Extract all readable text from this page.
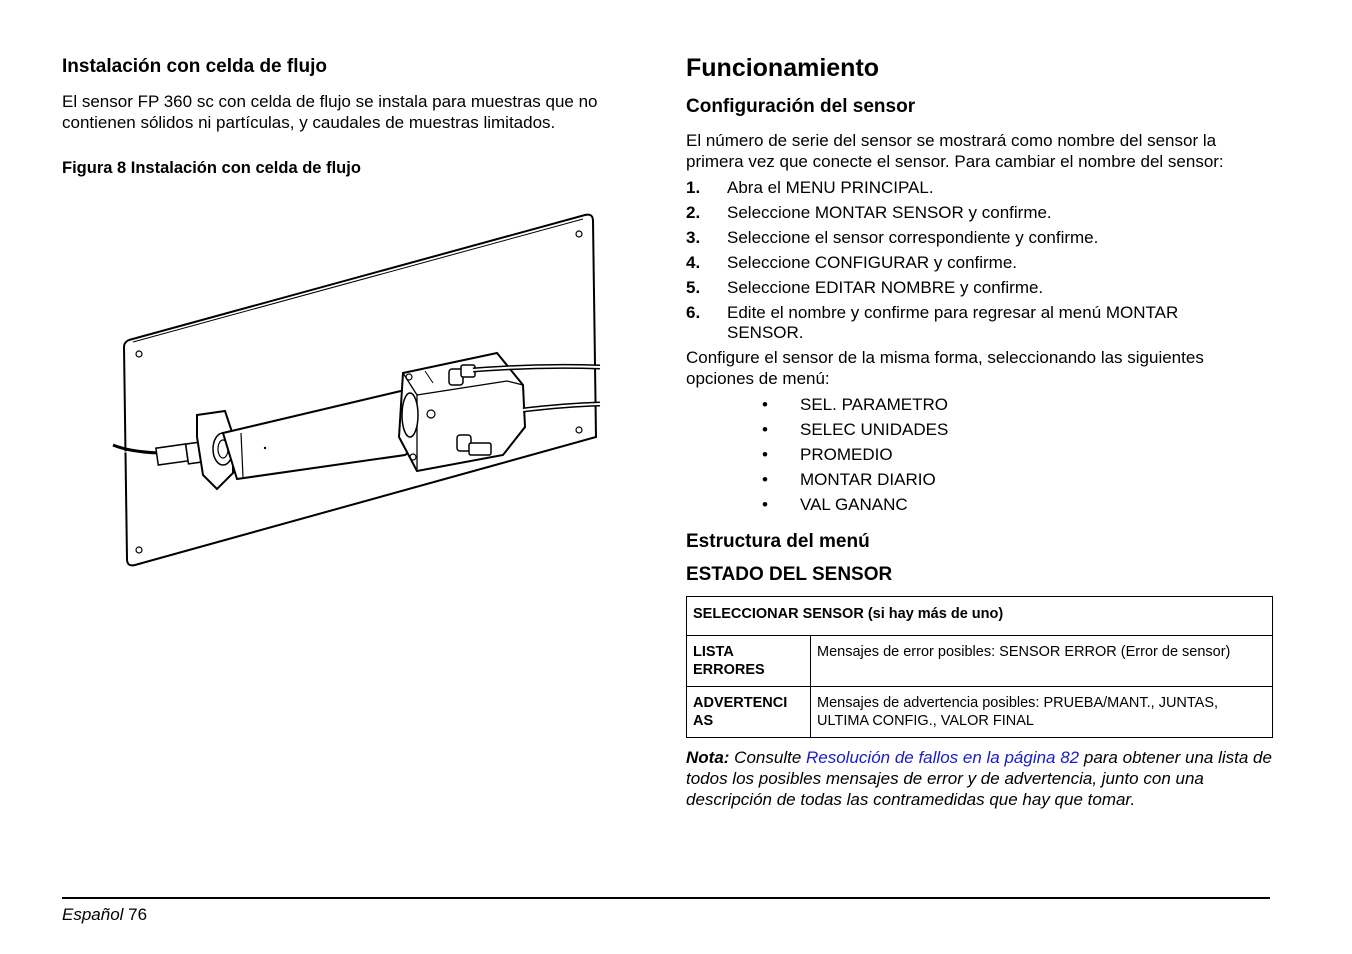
Instalación con celda de flujo

El sensor FP 360 sc con celda de flujo se instala para muestras que no contienen sólidos ni partículas, y caudales de muestras limitados.

Figura 8 Instalación con celda de flujo

Funcionamiento
Configuración del sensor

El número de serie del sensor se mostrará como nombre del sensor la primera vez que conecte el sensor. Para cambiar el nombre del sensor:

1.	Abra el MENU PRINCIPAL.
2.	Seleccione MONTAR SENSOR y confirme.
3.	Seleccione el sensor correspondiente y confirme.
4.	Seleccione CONFIGURAR y confirme.
5.	Seleccione EDITAR NOMBRE y confirme.
6.	Edite el nombre y confirme para regresar al menú MONTAR SENSOR.

Configure el sensor de la misma forma, seleccionando las siguientes opciones de menú:

•	SEL. PARAMETRO
•	SELEC UNIDADES
•	PROMEDIO
•	MONTAR DIARIO
•	VAL GANANC
Estructura del menú
ESTADO DEL SENSOR
SELECCIONAR SENSOR (si hay más de uno)	
LISTA ERRORES	Mensajes de error posibles: SENSOR ERROR (Error de sensor)
ADVERTENCI AS	Mensajes de advertencia posibles: PRUEBA/MANT., JUNTAS, ULTIMA CONFIG., VALOR FINAL

Nota: Consulte Resolución de fallos en la página 82 para obtener una lista de todos los posibles mensajes de error y de advertencia, junto con una descripción de todas las contramedidas que hay que tomar.

Español 76
